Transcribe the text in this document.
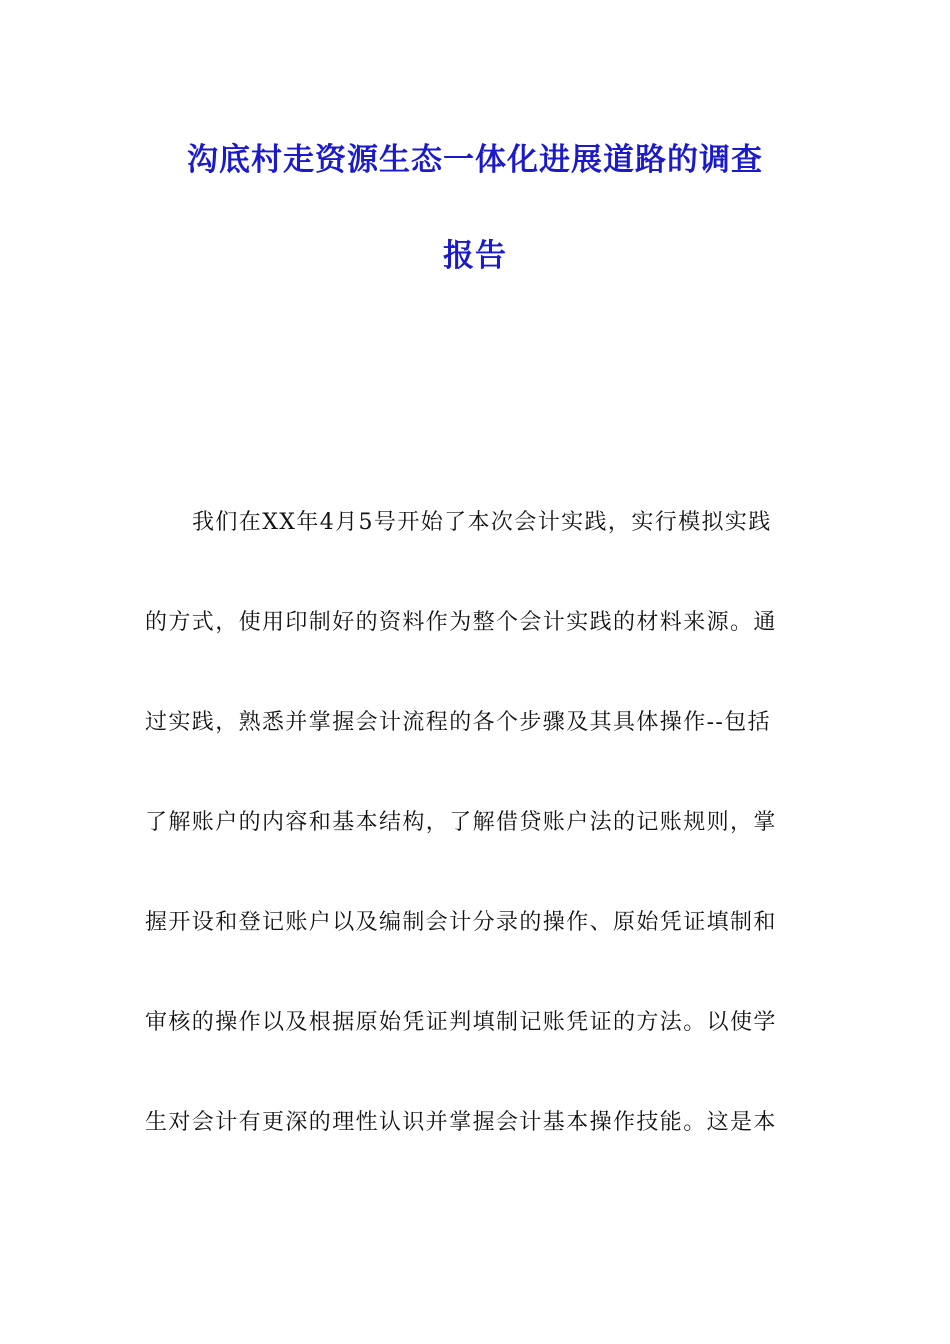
沟底村走资源生态一体化进展道路的调查
报告

我们在XX年4月5号开始了本次会计实践，实行模拟实践

的方式，使用印制好的资料作为整个会计实践的材料来源。通

过实践，熟悉并掌握会计流程的各个步骤及其具体操作--包括

了解账户的内容和基本结构，了解借贷账户法的记账规则，掌

握开设和登记账户以及编制会计分录的操作、原始凭证填制和

审核的操作以及根据原始凭证判填制记账凭证的方法。以使学

生对会计有更深的理性认识并掌握会计基本操作技能。这是本
